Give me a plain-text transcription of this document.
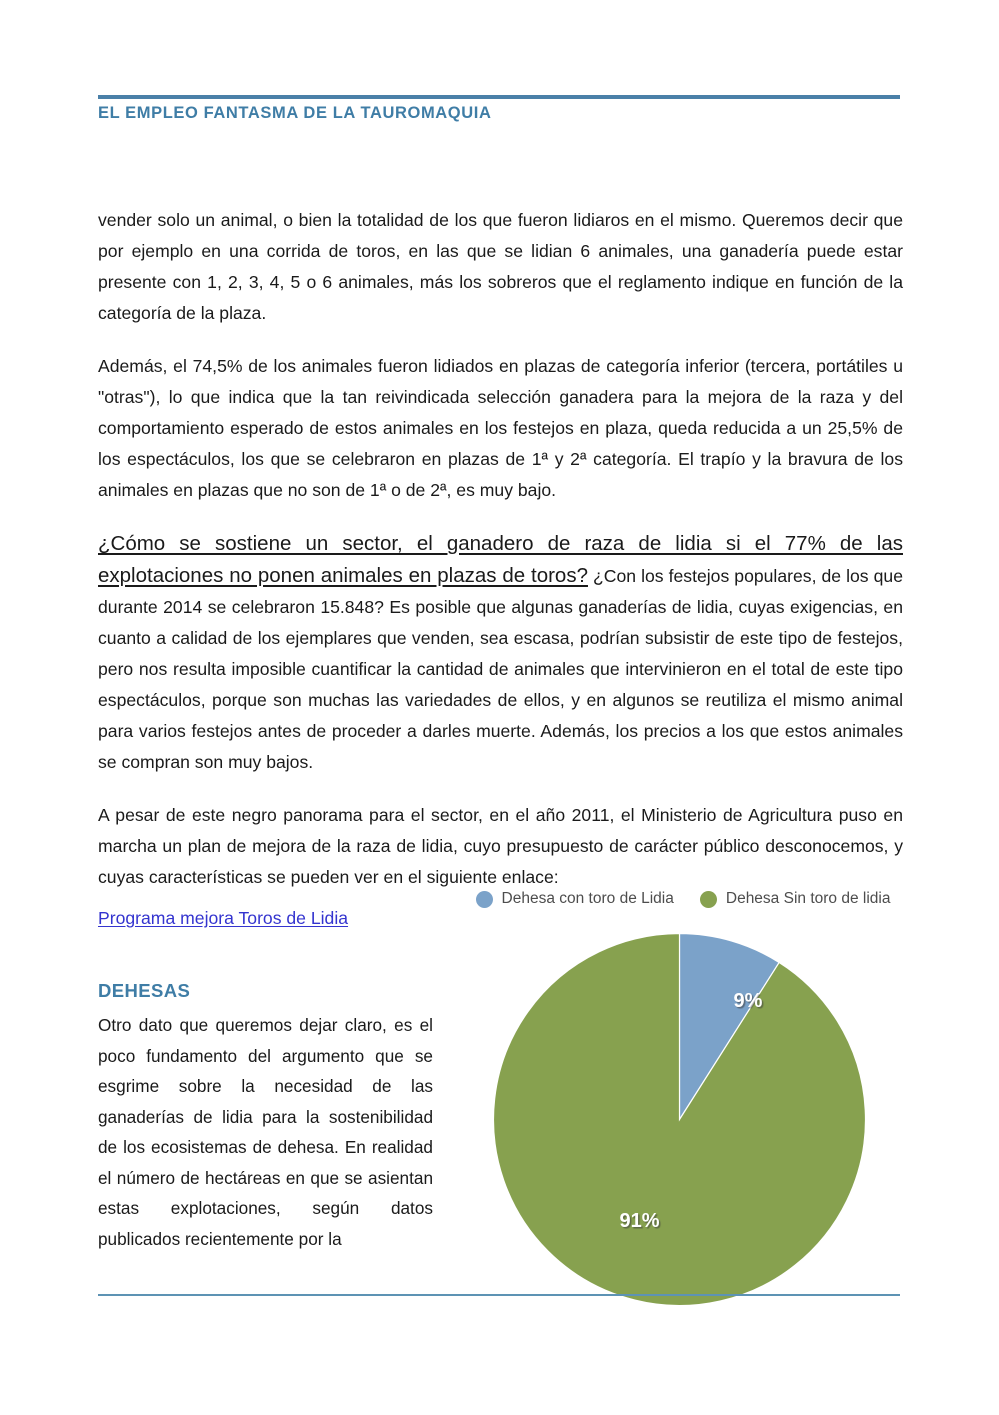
EL EMPLEO FANTASMA DE LA TAUROMAQUIA

vender solo un animal, o bien la totalidad de los que fueron lidiaros en el mismo. Queremos decir que por ejemplo en una corrida de toros, en las que se lidian 6 animales, una ganadería puede estar presente con 1, 2, 3, 4, 5 o 6 animales, más los sobreros que el reglamento indique en función de la categoría de la plaza.

Además, el 74,5% de los animales fueron lidiados en plazas de categoría inferior (tercera, portátiles u "otras"), lo que indica que la tan reivindicada selección ganadera para la mejora de la raza y del comportamiento esperado de estos animales en los festejos en plaza, queda reducida a un 25,5% de los espectáculos, los que se celebraron en plazas de 1ª y 2ª categoría. El trapío y la bravura de los animales en plazas que no son de 1ª o de 2ª, es muy bajo.

¿Cómo se sostiene un sector, el ganadero de raza de lidia si el 77% de las explotaciones no ponen animales en plazas de toros? ¿Con los festejos populares, de los que durante 2014 se celebraron 15.848? Es posible que algunas ganaderías de lidia, cuyas exigencias, en cuanto a calidad de los ejemplares que venden, sea escasa, podrían subsistir de este tipo de festejos, pero nos resulta imposible cuantificar la cantidad de animales que intervinieron en el total de este tipo espectáculos, porque son muchas las variedades de ellos, y en algunos se reutiliza el mismo animal para varios festejos antes de proceder a darles muerte. Además, los precios a los que estos animales se compran son muy bajos.

A pesar de este negro panorama para el sector, en el año 2011, el Ministerio de Agricultura puso en marcha un plan de mejora de la raza de lidia, cuyo presupuesto de carácter público desconocemos, y cuyas características se pueden ver en el siguiente enlace:

Programa mejora Toros de Lidia
DEHESAS

Otro dato que queremos dejar claro, es el poco fundamento del argumento que se esgrime sobre la necesidad de las ganaderías de lidia para la sostenibilidad de los ecosistemas de dehesa. En realidad el número de hectáreas en que se asientan estas explotaciones, según datos publicados recientemente por la

Dehesa con toro de Lidia	Dehesa Sin toro de lidia
9%
91%
